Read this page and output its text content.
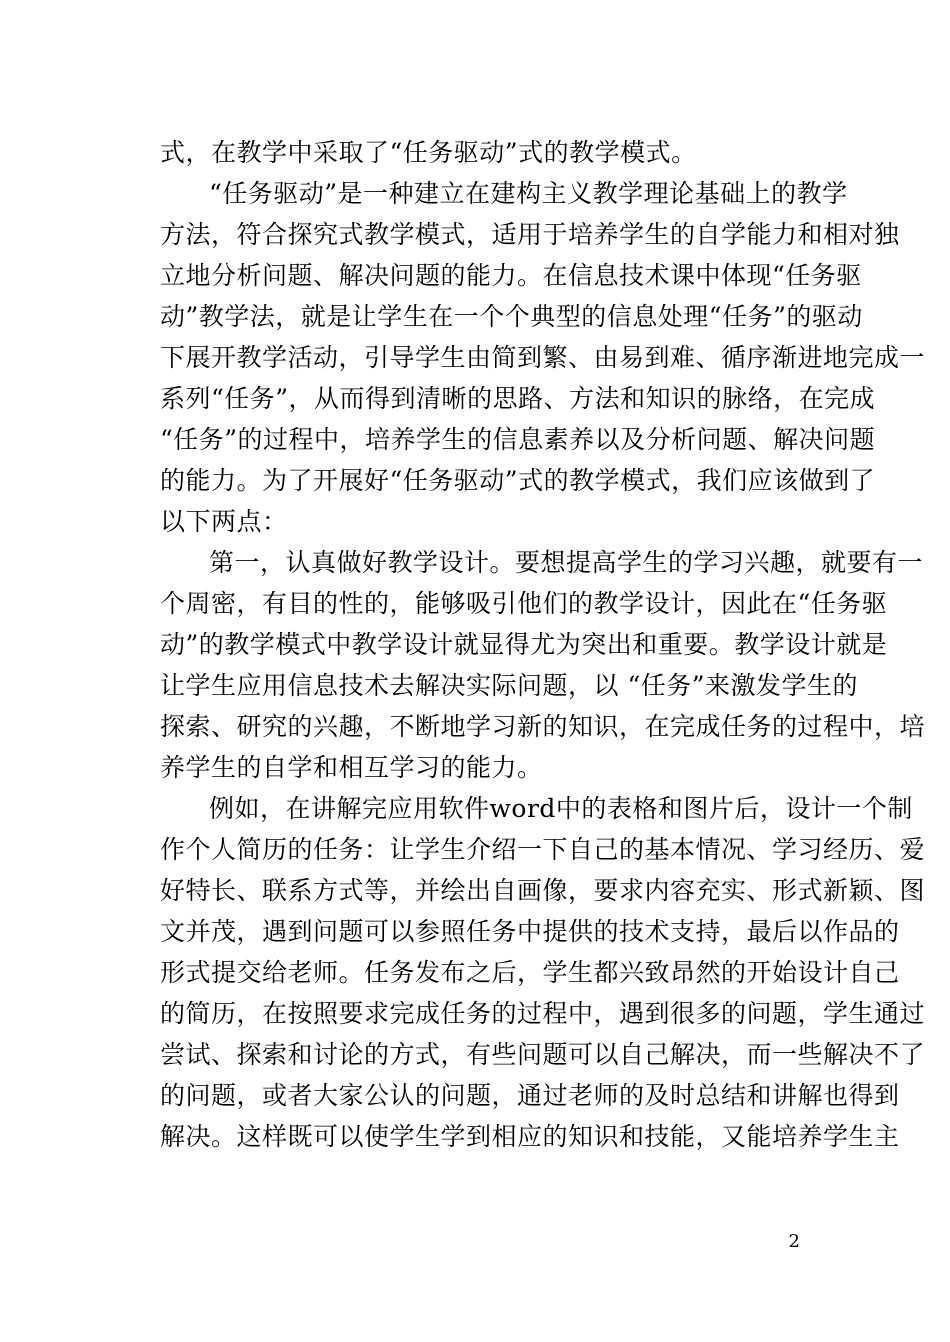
式，在教学中采取了“任务驱动”式的教学模式。
“任务驱动”是一种建立在建构主义教学理论基础上的教学
方法，符合探究式教学模式，适用于培养学生的自学能力和相对独
立地分析问题、解决问题的能力。在信息技术课中体现“任务驱
动”教学法，就是让学生在一个个典型的信息处理“任务”的驱动
下展开教学活动，引导学生由简到繁、由易到难、循序渐进地完成一
系列“任务”，从而得到清晰的思路、方法和知识的脉络，在完成
“任务”的过程中，培养学生的信息素养以及分析问题、解决问题
的能力。为了开展好“任务驱动”式的教学模式，我们应该做到了
以下两点：
第一，认真做好教学设计。要想提高学生的学习兴趣，就要有一
个周密，有目的性的，能够吸引他们的教学设计，因此在“任务驱
动”的教学模式中教学设计就显得尤为突出和重要。教学设计就是
让学生应用信息技术去解决实际问题，以 “任务”来激发学生的
探索、研究的兴趣，不断地学习新的知识，在完成任务的过程中，培
养学生的自学和相互学习的能力。
例如，在讲解完应用软件word中的表格和图片后，设计一个制
作个人简历的任务：让学生介绍一下自己的基本情况、学习经历、爱
好特长、联系方式等，并绘出自画像，要求内容充实、形式新颖、图
文并茂，遇到问题可以参照任务中提供的技术支持，最后以作品的
形式提交给老师。任务发布之后，学生都兴致昂然的开始设计自己
的简历，在按照要求完成任务的过程中，遇到很多的问题，学生通过
尝试、探索和讨论的方式，有些问题可以自己解决，而一些解决不了
的问题，或者大家公认的问题，通过老师的及时总结和讲解也得到
解决。这样既可以使学生学到相应的知识和技能，又能培养学生主
2
